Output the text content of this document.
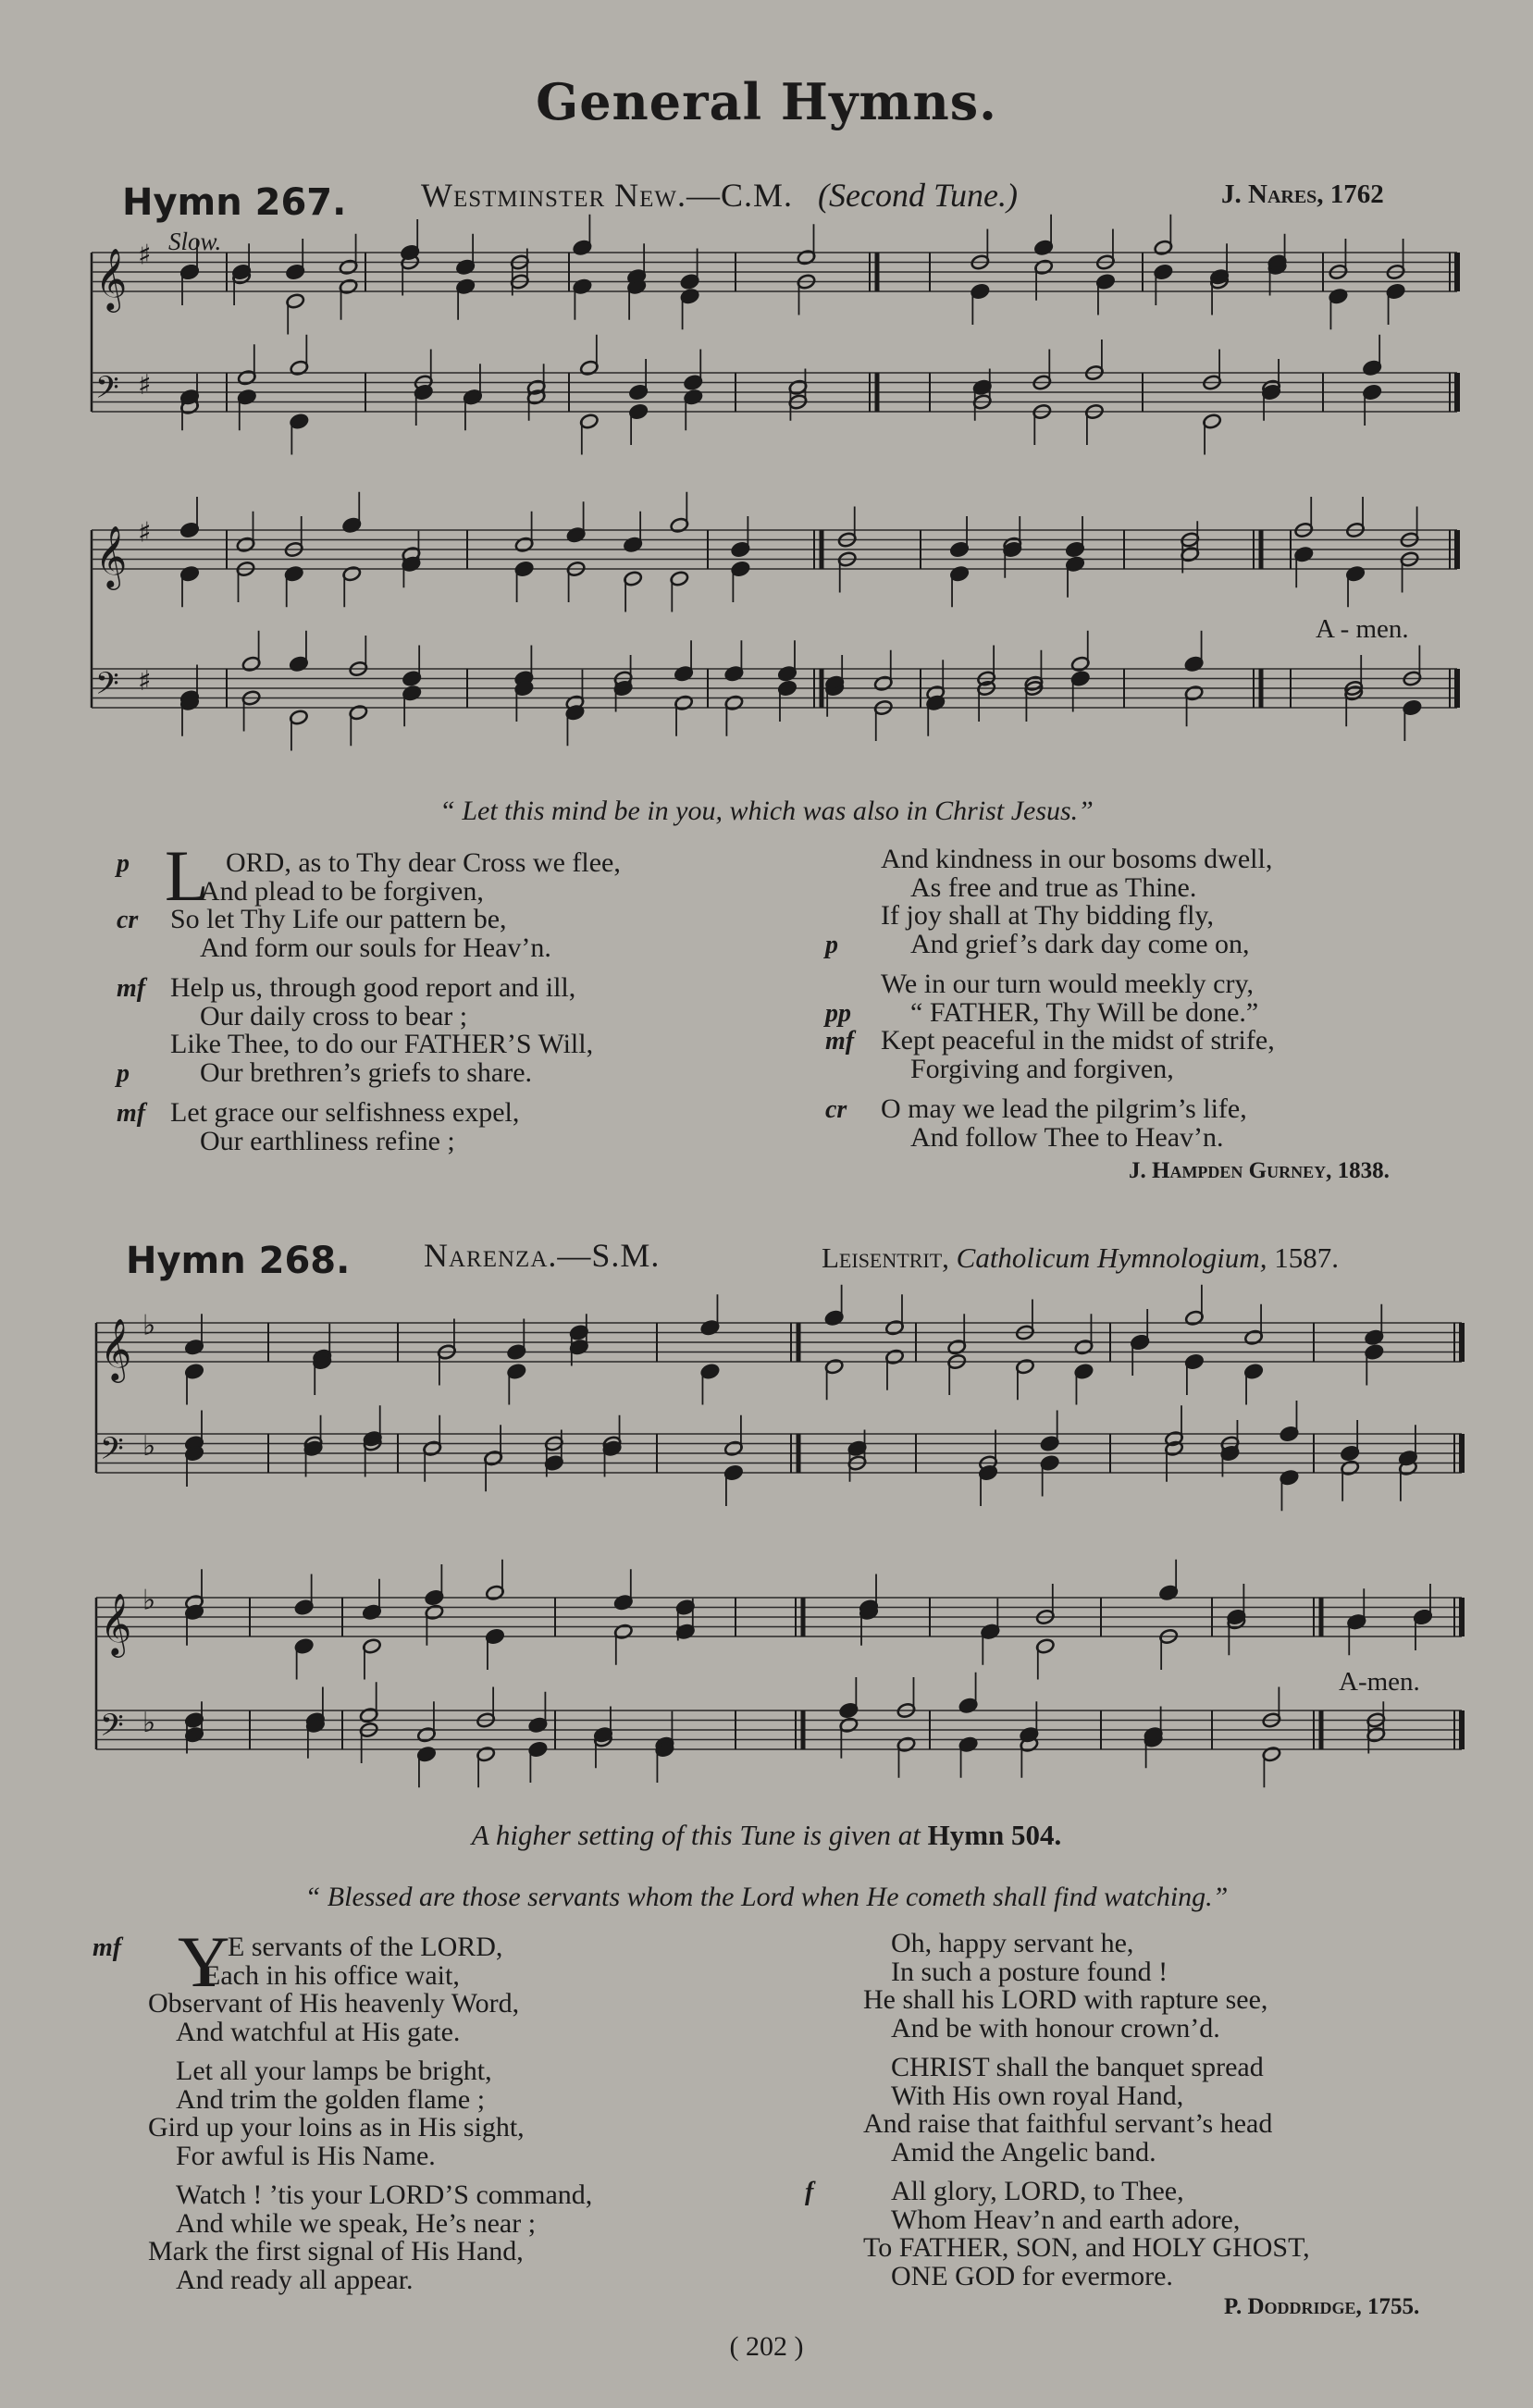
General Hymns.
Hymn 267. Westminster New.—C.M. (Second Tune.)	J. Nares, 1762
Slow.
𝄞 ♯
𝄢 ♯
𝄞 ♯
𝄢 ♯
A - men.
“ Let this mind be in you, which was also in Christ Jesus.”
L
p	ORD, as to Thy dear Cross we flee,
And plead to be forgiven,
cr So let Thy Life our pattern be,
And form our souls for Heav’n.
mf Help us, through good report and ill,
Our daily cross to bear ;
Like Thee, to do our FATHER’S Will,
p	Our brethren’s griefs to share.
mf Let grace our selfishness expel,
Our earthliness refine ;
And kindness in our bosoms dwell,
As free and true as Thine.
If joy shall at Thy bidding fly,
p	And grief’s dark day come on,
We in our turn would meekly cry,
pp “ FATHER, Thy Will be done.”
mf Kept peaceful in the midst of strife,
Forgiving and forgiven,
cr O may we lead the pilgrim’s life,
And follow Thee to Heav’n.
J. Hampden Gurney, 1838.
Hymn 268. Narenza.—S.M.	Leisentrit, Catholicum Hymnologium, 1587.
𝄞 ♭
𝄢 ♭
𝄞 ♭
𝄢 ♭
A-men.
A higher setting of this Tune is given at Hymn 504.
“ Blessed are those servants whom the Lord when He cometh shall find watching.”
Y
mf	E servants of the LORD,
Each in his office wait,
Observant of His heavenly Word,
And watchful at His gate.
Let all your lamps be bright,
And trim the golden flame ;
Gird up your loins as in His sight,
For awful is His Name.
Watch ! ’tis your LORD’S command,
And while we speak, He’s near ;
Mark the first signal of His Hand,
And ready all appear.
Oh, happy servant he,
In such a posture found !
He shall his LORD with rapture see,
And be with honour crown’d.
CHRIST shall the banquet spread
With His own royal Hand,
And raise that faithful servant’s head
Amid the Angelic band.
f	All glory, LORD, to Thee,
Whom Heav’n and earth adore,
To FATHER, SON, and HOLY GHOST,
ONE GOD for evermore.
P. Doddridge, 1755.
( 202 )
